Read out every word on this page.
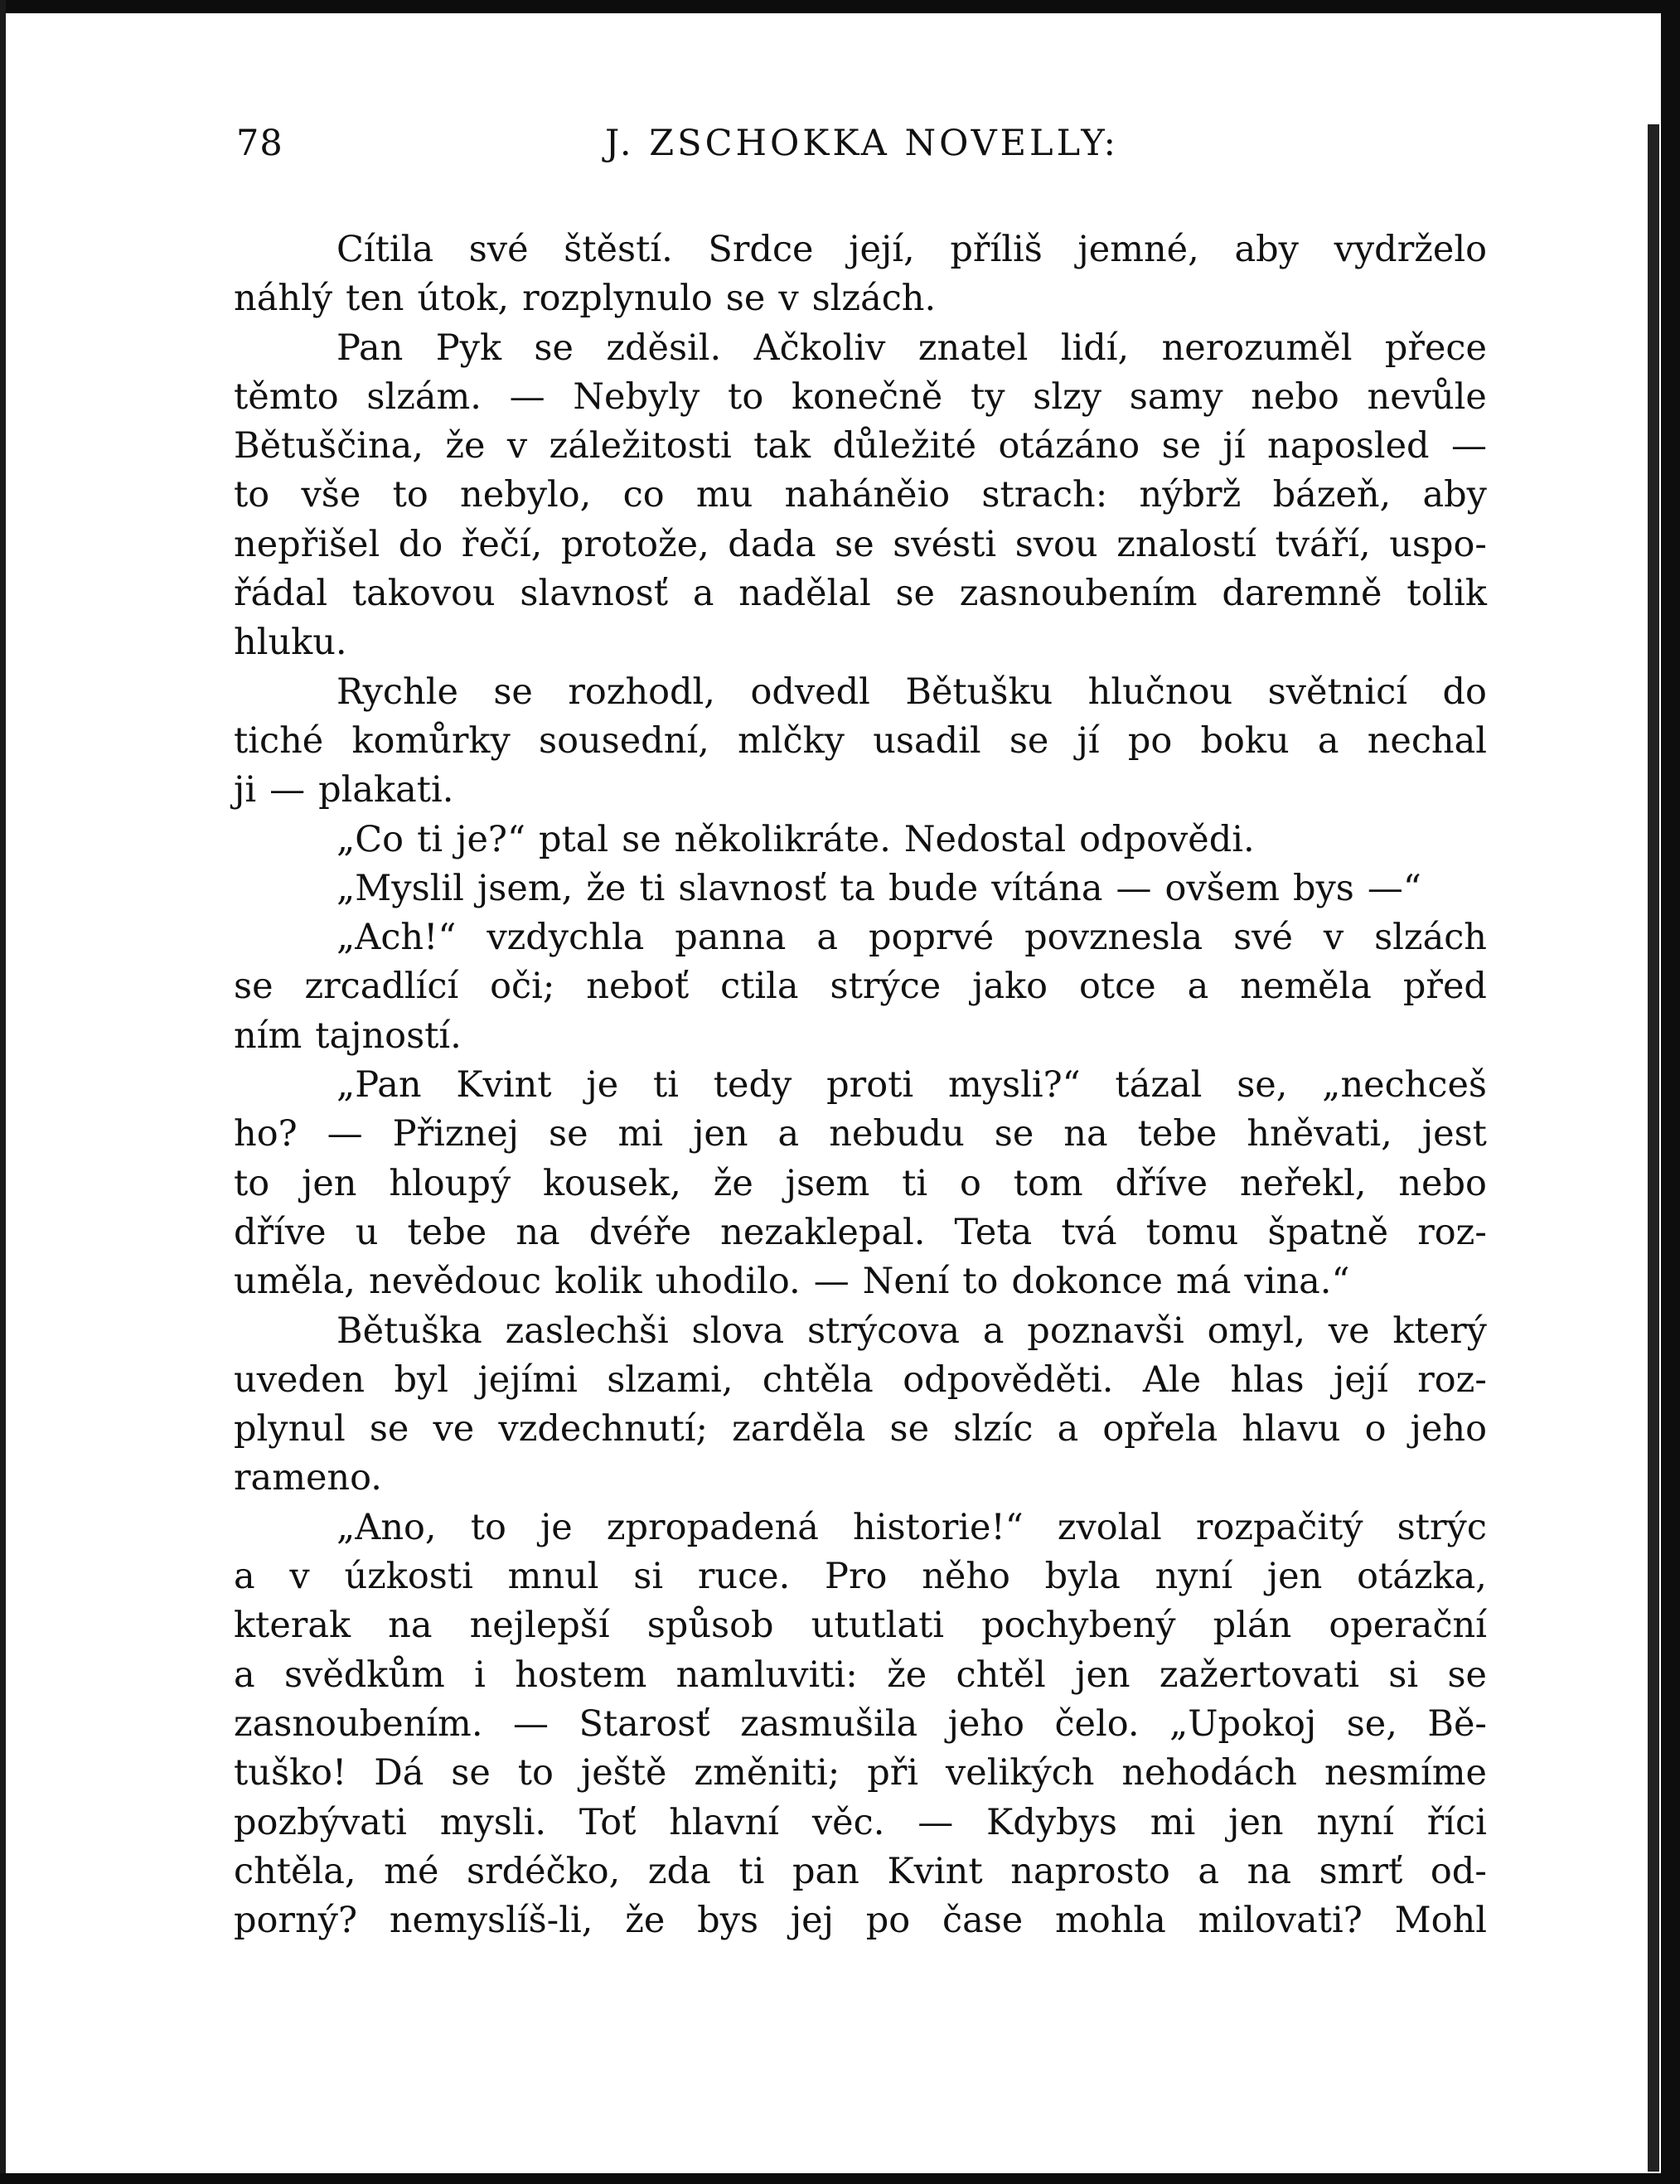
78	J. ZSCHOKKA NOVELLY:
Cítila své štěstí. Srdce její, příliš jemné, aby vydrželo
náhlý ten útok, rozplynulo se v slzách.
Pan Pyk se zděsil. Ačkoliv znatel lidí, nerozuměl přece
těmto slzám. — Nebyly to konečně ty slzy samy nebo nevůle
Bětuščina, že v záležitosti tak důležité otázáno se jí naposled —
to vše to nebylo, co mu naháněio strach: nýbrž bázeň, aby
nepřišel do řečí, protože, dada se svésti svou znalostí tváří, uspo-
řádal takovou slavnosť a nadělal se zasnoubením daremně tolik
hluku.
Rychle se rozhodl, odvedl Bětušku hlučnou světnicí do
tiché komůrky sousední, mlčky usadil se jí po boku a nechal
ji — plakati.
„Co ti je?“ ptal se několikráte. Nedostal odpovědi.
„Myslil jsem, že ti slavnosť ta bude vítána — ovšem bys —“
„Ach!“ vzdychla panna a poprvé povznesla své v slzách
se zrcadlící oči; neboť ctila strýce jako otce a neměla před
ním tajností.
„Pan Kvint je ti tedy proti mysli?“ tázal se, „nechceš
ho? — Přiznej se mi jen a nebudu se na tebe hněvati, jest
to jen hloupý kousek, že jsem ti o tom dříve neřekl, nebo
dříve u tebe na dvéře nezaklepal. Teta tvá tomu špatně roz-
uměla, nevědouc kolik uhodilo. — Není to dokonce má vina.“
Bětuška zaslechši slova strýcova a poznavši omyl, ve který
uveden byl jejími slzami, chtěla odpověděti. Ale hlas její roz-
plynul se ve vzdechnutí; zarděla se slzíc a opřela hlavu o jeho
rameno.
„Ano, to je zpropadená historie!“ zvolal rozpačitý strýc
a v úzkosti mnul si ruce. Pro něho byla nyní jen otázka,
kterak na nejlepší spůsob ututlati pochybený plán operační
a svědkům i hostem namluviti: že chtěl jen zažertovati si se
zasnoubením. — Starosť zasmušila jeho čelo. „Upokoj se, Bě-
tuško! Dá se to ještě změniti; při velikých nehodách nesmíme
pozbývati mysli. Toť hlavní věc. — Kdybys mi jen nyní říci
chtěla, mé srdéčko, zda ti pan Kvint naprosto a na smrť od-
porný? nemyslíš-li, že bys jej po čase mohla milovati? Mohl
